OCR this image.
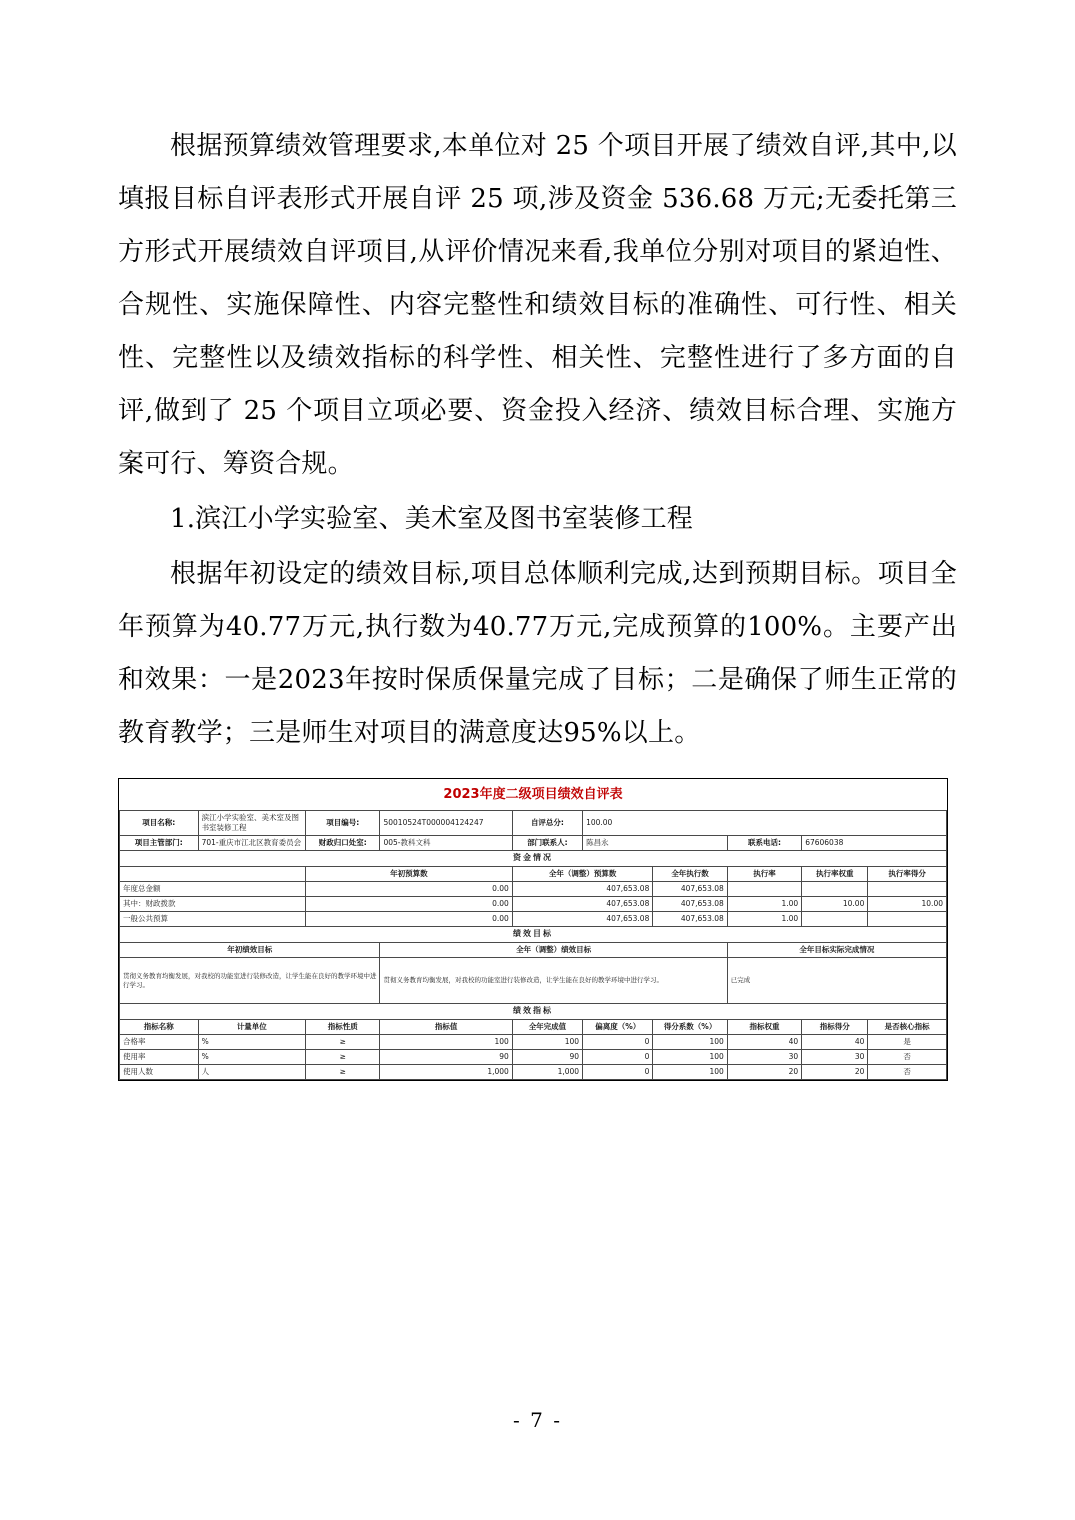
根据预算绩效管理要求,本单位对 25 个项目开展了绩效自评,其中,以填报目标自评表形式开展自评 25 项,涉及资金 536.68 万元;无委托第三方形式开展绩效自评项目,从评价情况来看,我单位分别对项目的紧迫性、合规性、实施保障性、内容完整性和绩效目标的准确性、可行性、相关性、完整性以及绩效指标的科学性、相关性、完整性进行了多方面的自评,做到了 25 个项目立项必要、资金投入经济、绩效目标合理、实施方案可行、筹资合规。

1.滨江小学实验室、美术室及图书室装修工程

根据年初设定的绩效目标,项目总体顺利完成,达到预期目标。项目全年预算为40.77万元,执行数为40.77万元,完成预算的100%。主要产出和效果：一是2023年按时保质保量完成了目标；二是确保了师生正常的教育教学；三是师生对项目的满意度达95%以上。

2023年度二级项目绩效自评表									
项目名称:	滨江小学实验室、美术室及图书室装修工程	项目编号:	50010524T000004124247	自评总分:	100.00				
项目主管部门:	701-重庆市江北区教育委员会	财政归口处室:	005-教科文科	部门联系人:	陈昌永		联系电话:	67606038	
资金情况									
		年初预算数		全年（调整）预算数		全年执行数	执行率	执行率权重	执行率得分
年度总金额		0.00		407,653.08		407,653.08			
其中：财政拨款		0.00		407,653.08		407,653.08	1.00	10.00	10.00
一般公共预算		0.00		407,653.08		407,653.08	1.00		
绩效目标									
年初绩效目标			全年（调整）绩效目标				全年目标实际完成情况		
贯彻义务教育均衡发展，对我校的功能室进行装修改造，让学生能在良好的教学环境中进行学习。			贯彻义务教育均衡发展，对我校的功能室进行装修改造，让学生能在良好的教学环境中进行学习。				已完成		
绩效指标									
指标名称	计量单位	指标性质	指标值	全年完成值	偏离度（%）	得分系数（%）	指标权重	指标得分	是否核心指标
合格率	%	≥	100	100	0	100	40	40	是
使用率	%	≥	90	90	0	100	30	30	否
使用人数	人	≥	1,000	1,000	0	100	20	20	否
- 7 -
